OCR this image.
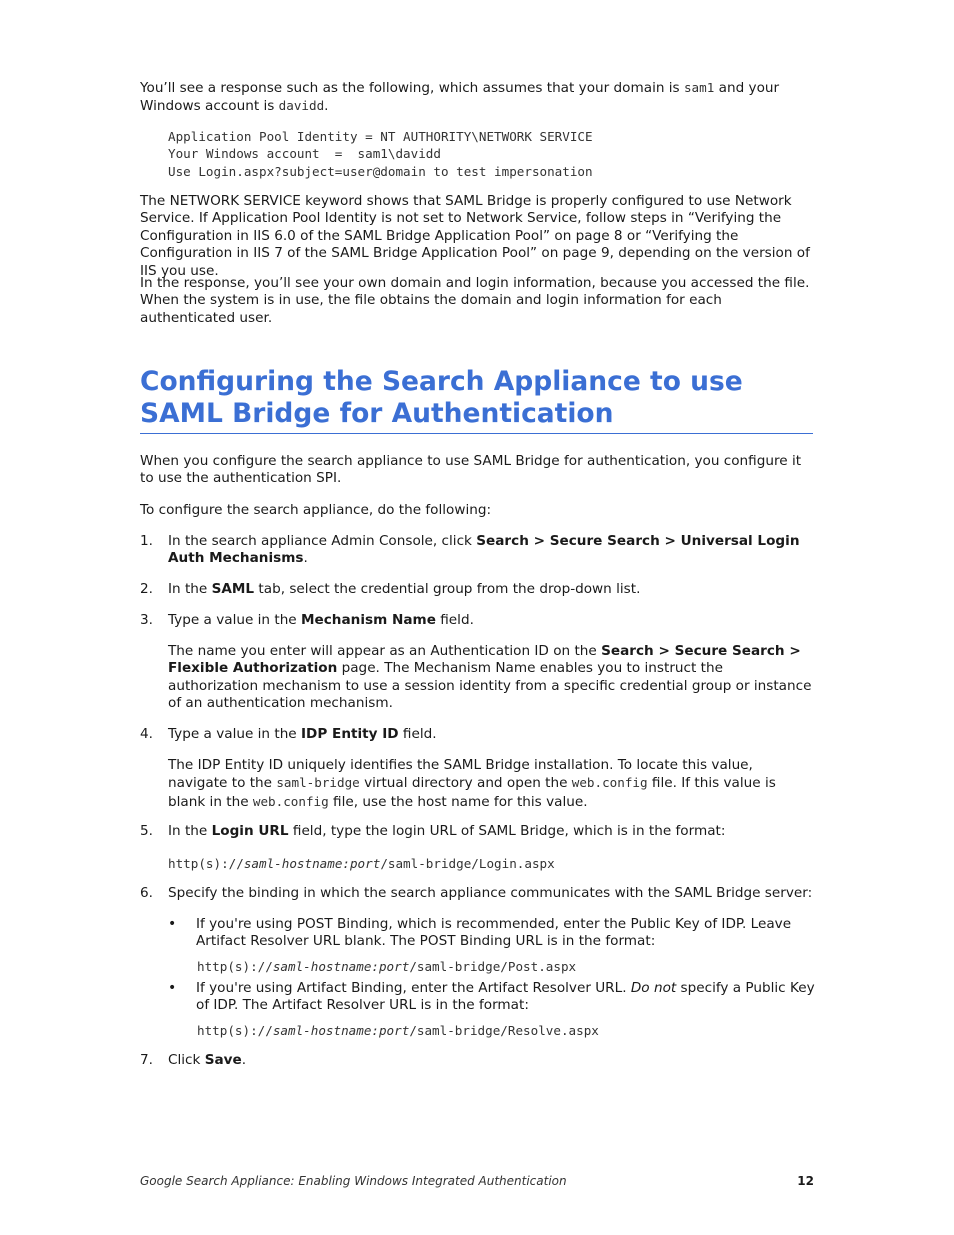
You’ll see a response such as the following, which assumes that your domain is sam1 and your Windows account is davidd.

Application Pool Identity = NT AUTHORITY\NETWORK SERVICE
Your Windows account  =  sam1\davidd
Use Login.aspx?subject=user@domain to test impersonation

The NETWORK SERVICE keyword shows that SAML Bridge is properly configured to use Network Service. If Application Pool Identity is not set to Network Service, follow steps in “Verifying the Configuration in IIS 6.0 of the SAML Bridge Application Pool” on page 8 or “Verifying the Configuration in IIS 7 of the SAML Bridge Application Pool” on page 9, depending on the version of IIS you use.

In the response, you’ll see your own domain and login information, because you accessed the file. When the system is in use, the file obtains the domain and login information for each authenticated user.

Configuring the Search Appliance to use SAML Bridge for Authentication

When you configure the search appliance to use SAML Bridge for authentication, you configure it to use the authentication SPI.

To configure the search appliance, do the following:

1. In the search appliance Admin Console, click Search > Secure Search > Universal Login Auth Mechanisms.

2. In the SAML tab, select the credential group from the drop-down list.

3. Type a value in the Mechanism Name field.

The name you enter will appear as an Authentication ID on the Search > Secure Search > Flexible Authorization page. The Mechanism Name enables you to instruct the authorization mechanism to use a session identity from a specific credential group or instance of an authentication mechanism.

4. Type a value in the IDP Entity ID field.

The IDP Entity ID uniquely identifies the SAML Bridge installation. To locate this value, navigate to the saml-bridge virtual directory and open the web.config file. If this value is blank in the web.config file, use the host name for this value.

5. In the Login URL field, type the login URL of SAML Bridge, which is in the format:

http(s)://saml-hostname:port/saml-bridge/Login.aspx
6. Specify the binding in which the search appliance communicates with the SAML Bridge server:

• If you're using POST Binding, which is recommended, enter the Public Key of IDP. Leave Artifact Resolver URL blank. The POST Binding URL is in the format:

http(s)://saml-hostname:port/saml-bridge/Post.aspx
• If you're using Artifact Binding, enter the Artifact Resolver URL. Do not specify a Public Key of IDP. The Artifact Resolver URL is in the format:

http(s)://saml-hostname:port/saml-bridge/Resolve.aspx
7. Click Save.

Google Search Appliance: Enabling Windows Integrated Authentication	12
